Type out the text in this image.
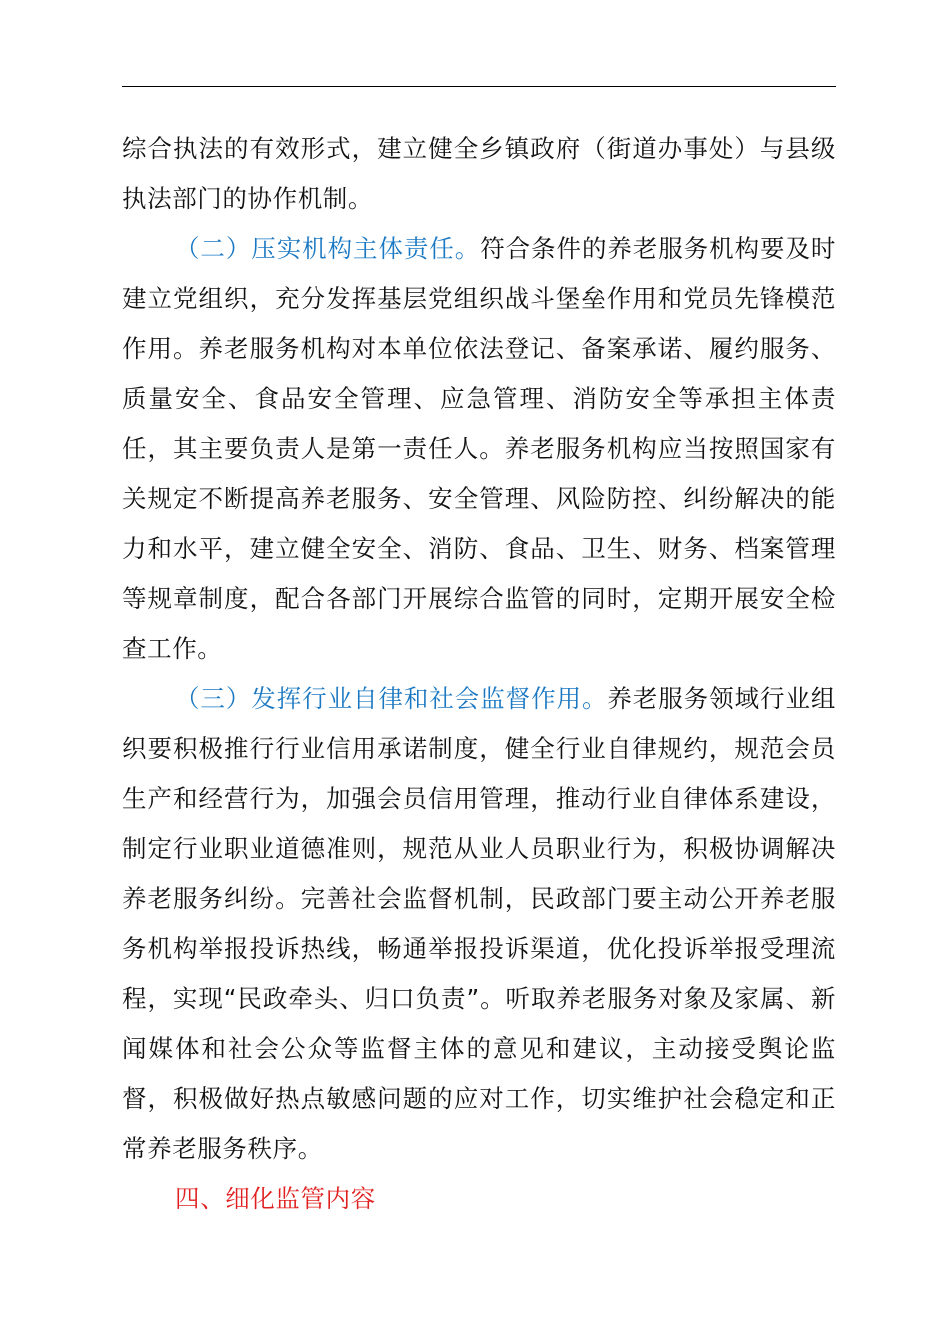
综合执法的有效形式，建立健全乡镇政府（街道办事处）与县级执法部门的协作机制。

（二）压实机构主体责任。符合条件的养老服务机构要及时建立党组织，充分发挥基层党组织战斗堡垒作用和党员先锋模范作用。养老服务机构对本单位依法登记、备案承诺、履约服务、质量安全、食品安全管理、应急管理、消防安全等承担主体责任，其主要负责人是第一责任人。养老服务机构应当按照国家有关规定不断提高养老服务、安全管理、风险防控、纠纷解决的能力和水平，建立健全安全、消防、食品、卫生、财务、档案管理等规章制度，配合各部门开展综合监管的同时，定期开展安全检查工作。

（三）发挥行业自律和社会监督作用。养老服务领域行业组织要积极推行行业信用承诺制度，健全行业自律规约，规范会员生产和经营行为，加强会员信用管理，推动行业自律体系建设，制定行业职业道德准则，规范从业人员职业行为，积极协调解决养老服务纠纷。完善社会监督机制，民政部门要主动公开养老服务机构举报投诉热线，畅通举报投诉渠道，优化投诉举报受理流程，实现“民政牵头、归口负责”。听取养老服务对象及家属、新闻媒体和社会公众等监督主体的意见和建议，主动接受舆论监督，积极做好热点敏感问题的应对工作，切实维护社会稳定和正常养老服务秩序。

四、细化监管内容
